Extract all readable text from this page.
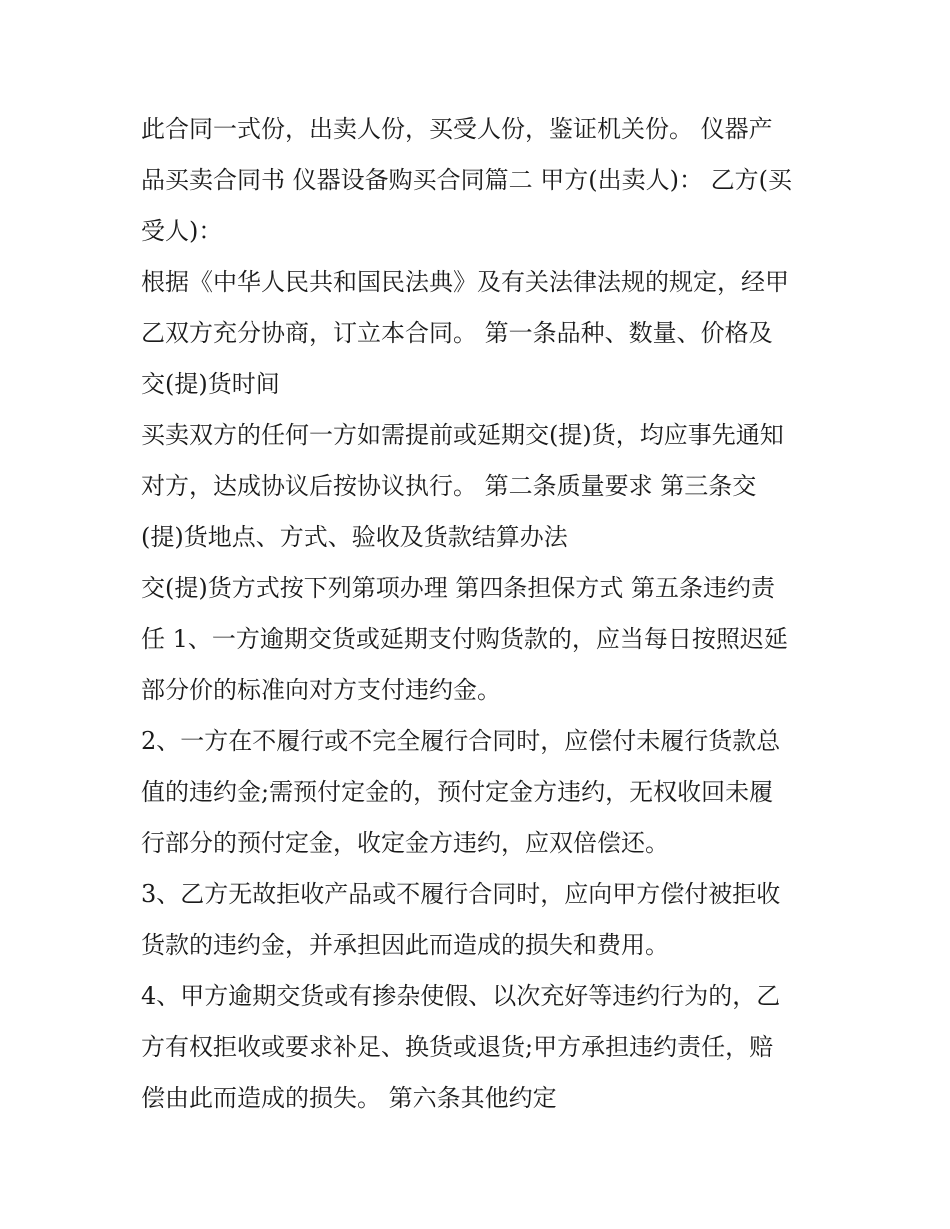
此合同一式份，出卖人份，买受人份，鉴证机关份。 仪器产
品买卖合同书 仪器设备购买合同篇二 甲方(出卖人)： 乙方(买
受人)：
根据《中华人民共和国民法典》及有关法律法规的规定，经甲
乙双方充分协商，订立本合同。 第一条品种、数量、价格及
交(提)货时间
买卖双方的任何一方如需提前或延期交(提)货，均应事先通知
对方，达成协议后按协议执行。 第二条质量要求 第三条交
(提)货地点、方式、验收及货款结算办法
交(提)货方式按下列第项办理 第四条担保方式 第五条违约责
任 1、一方逾期交货或延期支付购货款的，应当每日按照迟延
部分价的标准向对方支付违约金。
2、一方在不履行或不完全履行合同时，应偿付未履行货款总
值的违约金;需预付定金的，预付定金方违约，无权收回未履
行部分的预付定金，收定金方违约，应双倍偿还。
3、乙方无故拒收产品或不履行合同时，应向甲方偿付被拒收
货款的违约金，并承担因此而造成的损失和费用。
4、甲方逾期交货或有掺杂使假、以次充好等违约行为的，乙
方有权拒收或要求补足、换货或退货;甲方承担违约责任，赔
偿由此而造成的损失。 第六条其他约定
